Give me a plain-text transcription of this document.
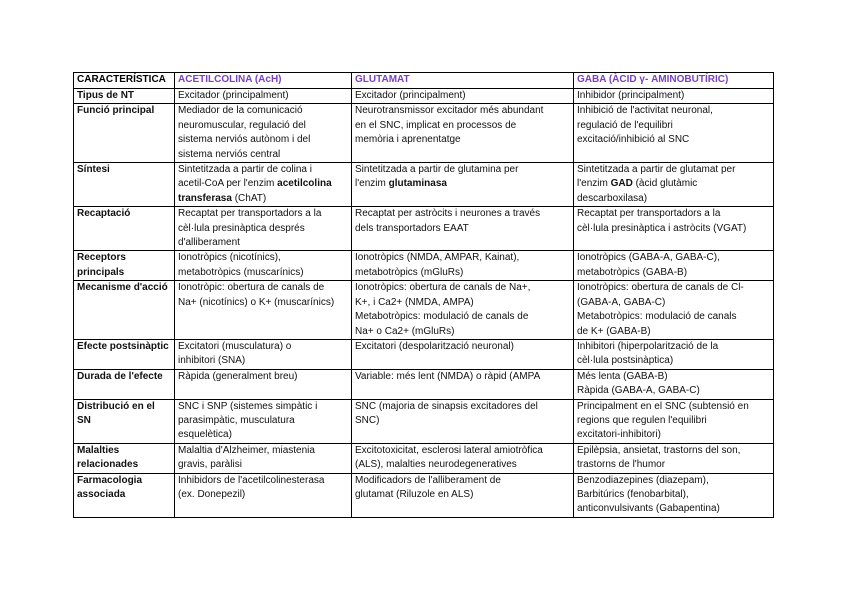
CARACTERÍSTICA	ACETILCOLINA (AcH)	GLUTAMAT	GABA (ÀCID γ- AMINOBUTÍRIC)
Tipus de NT	Excitador (principalment)	Excitador (principalment)	Inhibidor (principalment)

Funció principal	Mediador de la comunicació
neuromuscular, regulació del
sistema nerviós autònom i del
sistema nerviós central	Neurotransmissor excitador més abundant
en el SNC, implicat en processos de
memòria i aprenentatge	Inhibició de l'activitat neuronal,
regulació de l'equilibri
excitació/inhibició al SNC

Síntesi	Sintetitzada a partir de colina i
acetil-CoA per l'enzim acetilcolina
transferasa (ChAT)	Sintetitzada a partir de glutamina per
l'enzim glutaminasa	Sintetitzada a partir de glutamat per
l'enzim GAD (àcid glutàmic
descarboxilasa)

Recaptació	Recaptat per transportadors a la
cèl·lula presinàptica després
d'alliberament	Recaptat per astròcits i neurones a través
dels transportadors EAAT	Recaptat per transportadors a la
cèl·lula presinàptica i astròcits (VGAT)

Receptors principals	Ionotròpics (nicotínics),
metabotròpics (muscarínics)	Ionotròpics (NMDA, AMPAR, Kainat),
metabotròpics (mGluRs)	Ionotròpics (GABA-A, GABA-C),
metabotròpics (GABA-B)

Mecanisme d'acció	Ionotròpic: obertura de canals de
Na+ (nicotínics) o K+ (muscarínics)	Ionotròpics: obertura de canals de Na+,
K+, i Ca2+ (NMDA, AMPA)
Metabotròpics: modulació de canals de
Na+ o Ca2+ (mGluRs)	Ionotròpics: obertura de canals de Cl-
(GABA-A, GABA-C)
Metabotròpics: modulació de canals
de K+ (GABA-B)

Efecte postsinàptic	Excitatori (musculatura) o
inhibitori (SNA)	Excitatori (despolarització neuronal)	Inhibitori (hiperpolarització de la
cèl·lula postsinàptica)

Durada de l'efecte	Ràpida (generalment breu)	Variable: més lent (NMDA) o ràpid (AMPA	Més lenta (GABA-B)
Ràpida (GABA-A, GABA-C)

Distribució en el SN	SNC i SNP (sistemes simpàtic i
parasimpàtic, musculatura
esquelètica)	SNC (majoria de sinapsis excitadores del
SNC)	Principalment en el SNC (subtensió en
regions que regulen l'equilibri
excitatori-inhibitori)

Malalties relacionades	Malaltia d'Alzheimer, miastenia
gravis, paràlisi	Excitotoxicitat, esclerosi lateral amiotròfica
(ALS), malalties neurodegeneratives	Epilèpsia, ansietat, trastorns del son,
trastorns de l'humor

Farmacologia associada	Inhibidors de l'acetilcolinesterasa
(ex. Donepezil)	Modificadors de l'alliberament de
glutamat (Riluzole en ALS)	Benzodiazepines (diazepam),
Barbitúrics (fenobarbital),
anticonvulsivants (Gabapentina)
